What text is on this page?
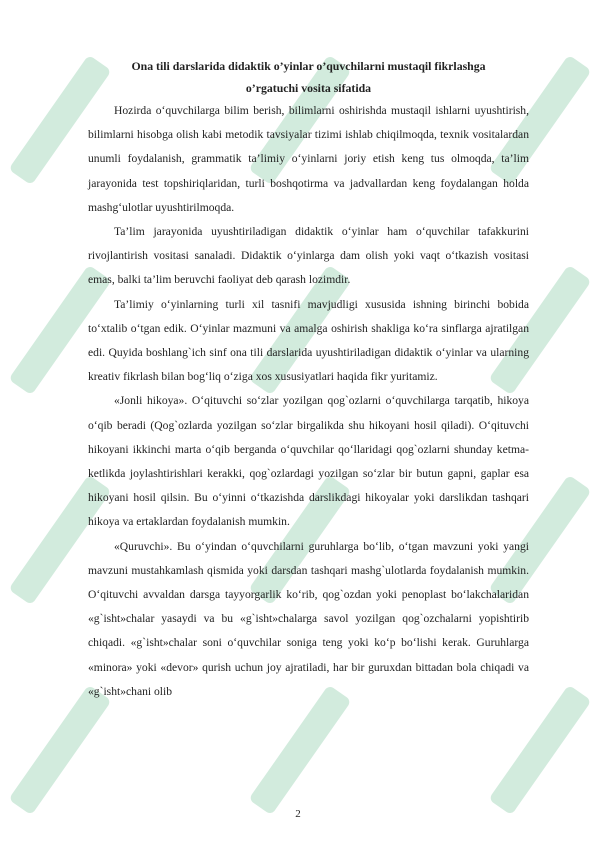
Ona tili darslarida didaktik o’yinlar o’quvchilarni mustaqil fikrlashga
o’rgatuchi vosita sifatida

Hozirda o‘quvchilarga bilim berish, bilimlarni oshirishda mustaqil ishlarni uyushtirish, bilimlarni hisobga olish kabi metodik tavsiyalar tizimi ishlab chiqilmoqda, texnik vositalardan unumli foydalanish, grammatik ta’limiy o‘yinlarni joriy etish keng tus olmoqda, ta’lim jarayonida test topshiriqlaridan, turli boshqotirma va jadvallardan keng foydalangan holda mashg‘ulotlar uyushtirilmoqda.

Ta’lim jarayonida uyushtiriladigan didaktik o‘yinlar ham o‘quvchilar tafakkurini rivojlantirish vositasi sanaladi. Didaktik o‘yinlarga dam olish yoki vaqt o‘tkazish vositasi emas, balki ta’lim beruvchi faoliyat deb qarash lozimdir.

Ta’limiy o‘yinlarning turli xil tasnifi mavjudligi xususida ishning birinchi bobida to‘xtalib o‘tgan edik. O‘yinlar mazmuni va amalga oshirish shakliga ko‘ra sinflarga ajratilgan edi. Quyida boshlang`ich sinf ona tili darslarida uyushtiriladigan didaktik o‘yinlar va ularning kreativ fikrlash bilan bog‘liq o‘ziga xos xususiyatlari haqida fikr yuritamiz.

«Jonli hikoya». O‘qituvchi so‘zlar yozilgan qog`ozlarni o‘quvchilarga tarqatib, hikoya o‘qib beradi (Qog`ozlarda yozilgan so‘zlar birgalikda shu hikoyani hosil qiladi). O‘qituvchi hikoyani ikkinchi marta o‘qib berganda o‘quvchilar qo‘llaridagi qog`ozlarni shunday ketma-ketlikda joylashtirishlari kerakki, qog`ozlardagi yozilgan so‘zlar bir butun gapni, gaplar esa hikoyani hosil qilsin. Bu o‘yinni o‘tkazishda darslikdagi hikoyalar yoki darslikdan tashqari hikoya va ertaklardan foydalanish mumkin.

«Quruvchi». Bu o‘yindan o‘quvchilarni guruhlarga bo‘lib, o‘tgan mavzuni yoki yangi mavzuni mustahkamlash qismida yoki darsdan tashqari mashg`ulotlarda foydalanish mumkin. O‘qituvchi avvaldan darsga tayyorgarlik ko‘rib, qog`ozdan yoki penoplast bo‘lakchalaridan «g`isht»chalar yasaydi va bu «g`isht»chalarga savol yozilgan qog`ozchalarni yopishtirib chiqadi. «g`isht»chalar soni o‘quvchilar soniga teng yoki ko‘p bo‘lishi kerak. Guruhlarga «minora» yoki «devor» qurish uchun joy ajratiladi, har bir guruxdan bittadan bola chiqadi va «g`isht»chani olib

2
